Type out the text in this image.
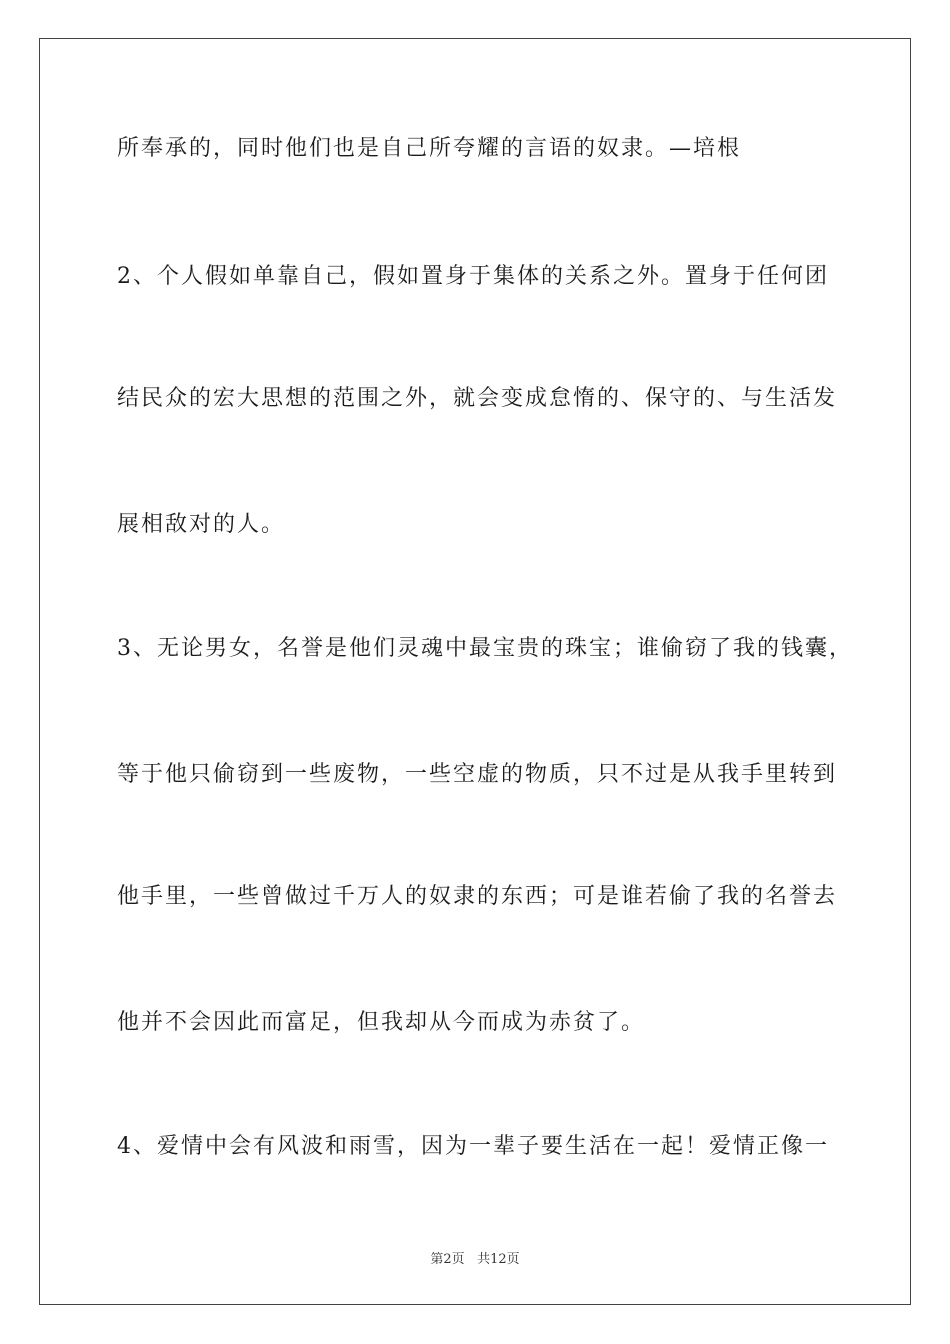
所奉承的，同时他们也是自己所夸耀的言语的奴隶。—培根
2、个人假如单靠自己，假如置身于集体的关系之外。置身于任何团
结民众的宏大思想的范围之外，就会变成怠惰的、保守的、与生活发
展相敌对的人。
3、无论男女，名誉是他们灵魂中最宝贵的珠宝；谁偷窃了我的钱囊，
等于他只偷窃到一些废物，一些空虚的物质，只不过是从我手里转到
他手里，一些曾做过千万人的奴隶的东西；可是谁若偷了我的名誉去
他并不会因此而富足，但我却从今而成为赤贫了。
4、爱情中会有风波和雨雪，因为一辈子要生活在一起！爱情正像一
第2页 共12页
